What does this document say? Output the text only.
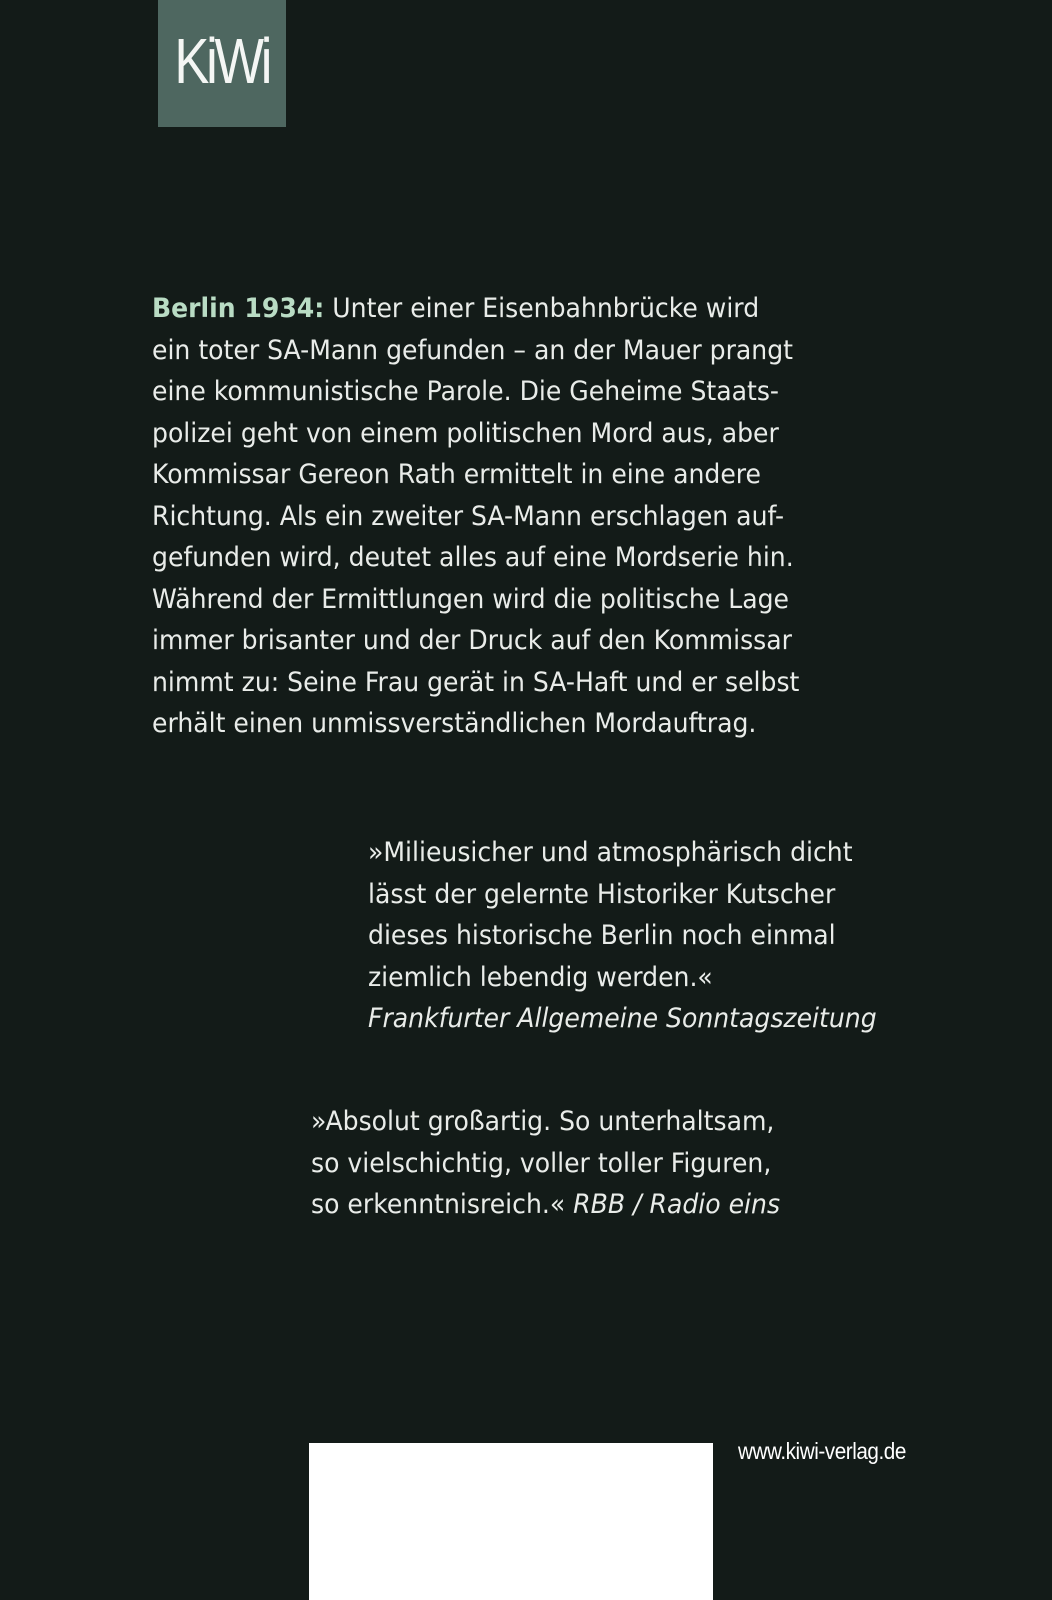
KiWi

Berlin 1934: Unter einer Eisenbahnbrücke wird

ein toter SA-Mann gefunden – an der Mauer prangt

eine kommunistische Parole. Die Geheime Staats-

polizei geht von einem politischen Mord aus, aber

Kommissar Gereon Rath ermittelt in eine andere

Richtung. Als ein zweiter SA-Mann erschlagen auf-

gefunden wird, deutet alles auf eine Mordserie hin.

Während der Ermittlungen wird die politische Lage

immer brisanter und der Druck auf den Kommissar

nimmt zu: Seine Frau gerät in SA-Haft und er selbst

erhält einen unmissverständlichen Mordauftrag.

»Milieusicher und atmosphärisch dicht

lässt der gelernte Historiker Kutscher

dieses historische Berlin noch einmal

ziemlich lebendig werden.«

Frankfurter Allgemeine Sonntagszeitung

»Absolut großartig. So unterhaltsam,

so vielschichtig, voller toller Figuren,

so erkenntnisreich.« RBB / Radio eins

www.kiwi-verlag.de
